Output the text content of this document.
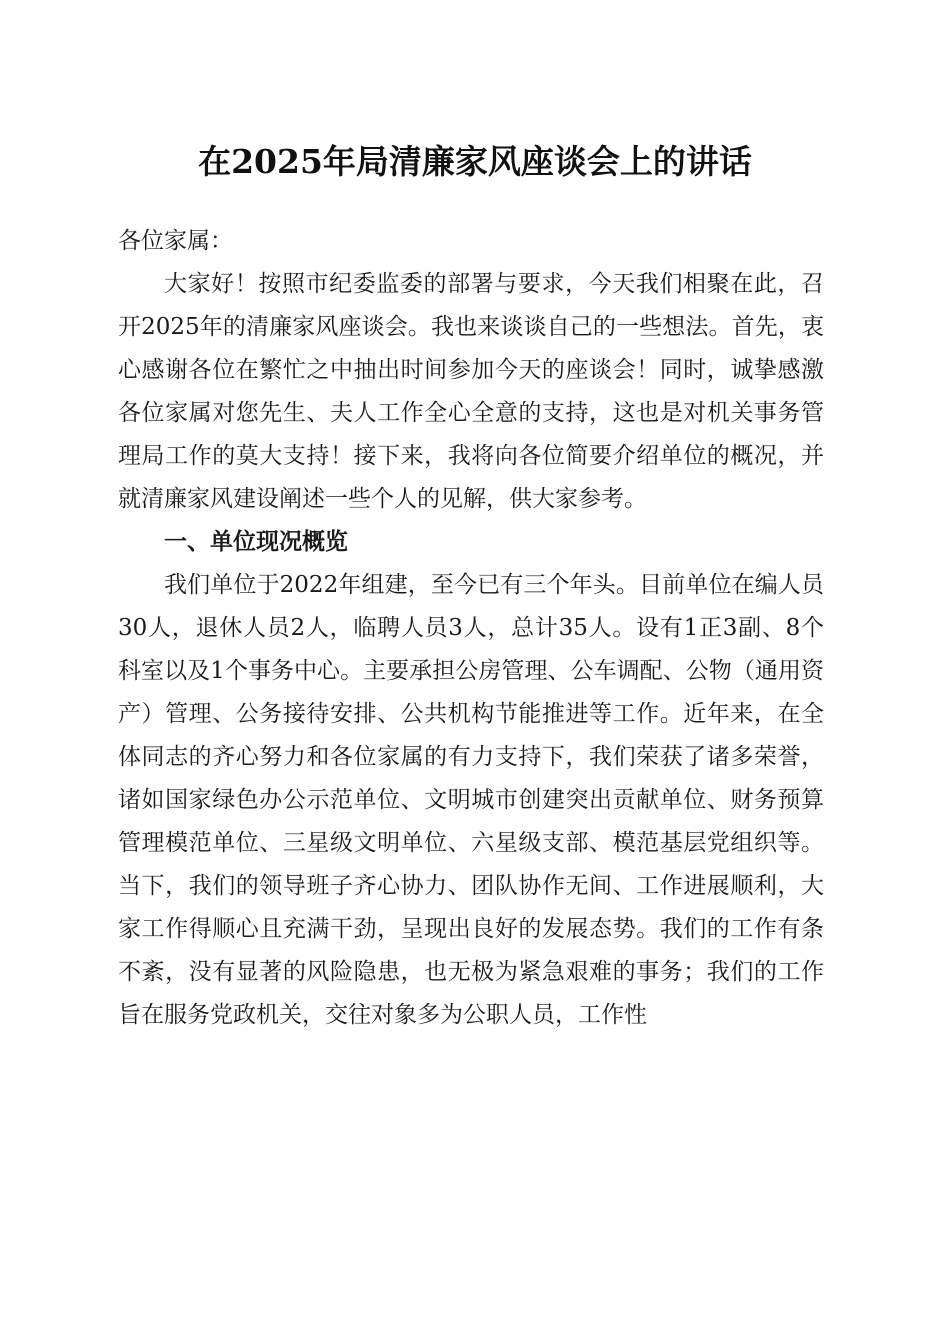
在2025年局清廉家风座谈会上的讲话

各位家属：

大家好！按照市纪委监委的部署与要求，今天我们相聚在此，召开2025年的清廉家风座谈会。我也来谈谈自己的一些想法。首先，衷心感谢各位在繁忙之中抽出时间参加今天的座谈会！同时，诚挚感激各位家属对您先生、夫人工作全心全意的支持，这也是对机关事务管理局工作的莫大支持！接下来，我将向各位简要介绍单位的概况，并就清廉家风建设阐述一些个人的见解，供大家参考。

一、单位现况概览

我们单位于2022年组建，至今已有三个年头。目前单位在编人员30人，退休人员2人，临聘人员3人，总计35人。设有1正3副、8个科室以及1个事务中心。主要承担公房管理、公车调配、公物（通用资产）管理、公务接待安排、公共机构节能推进等工作。近年来，在全体同志的齐心努力和各位家属的有力支持下，我们荣获了诸多荣誉，诸如国家绿色办公示范单位、文明城市创建突出贡献单位、财务预算管理模范单位、三星级文明单位、六星级支部、模范基层党组织等。当下，我们的领导班子齐心协力、团队协作无间、工作进展顺利，大家工作得顺心且充满干劲，呈现出良好的发展态势。我们的工作有条不紊，没有显著的风险隐患，也无极为紧急艰难的事务；我们的工作旨在服务党政机关，交往对象多为公职人员，工作性
